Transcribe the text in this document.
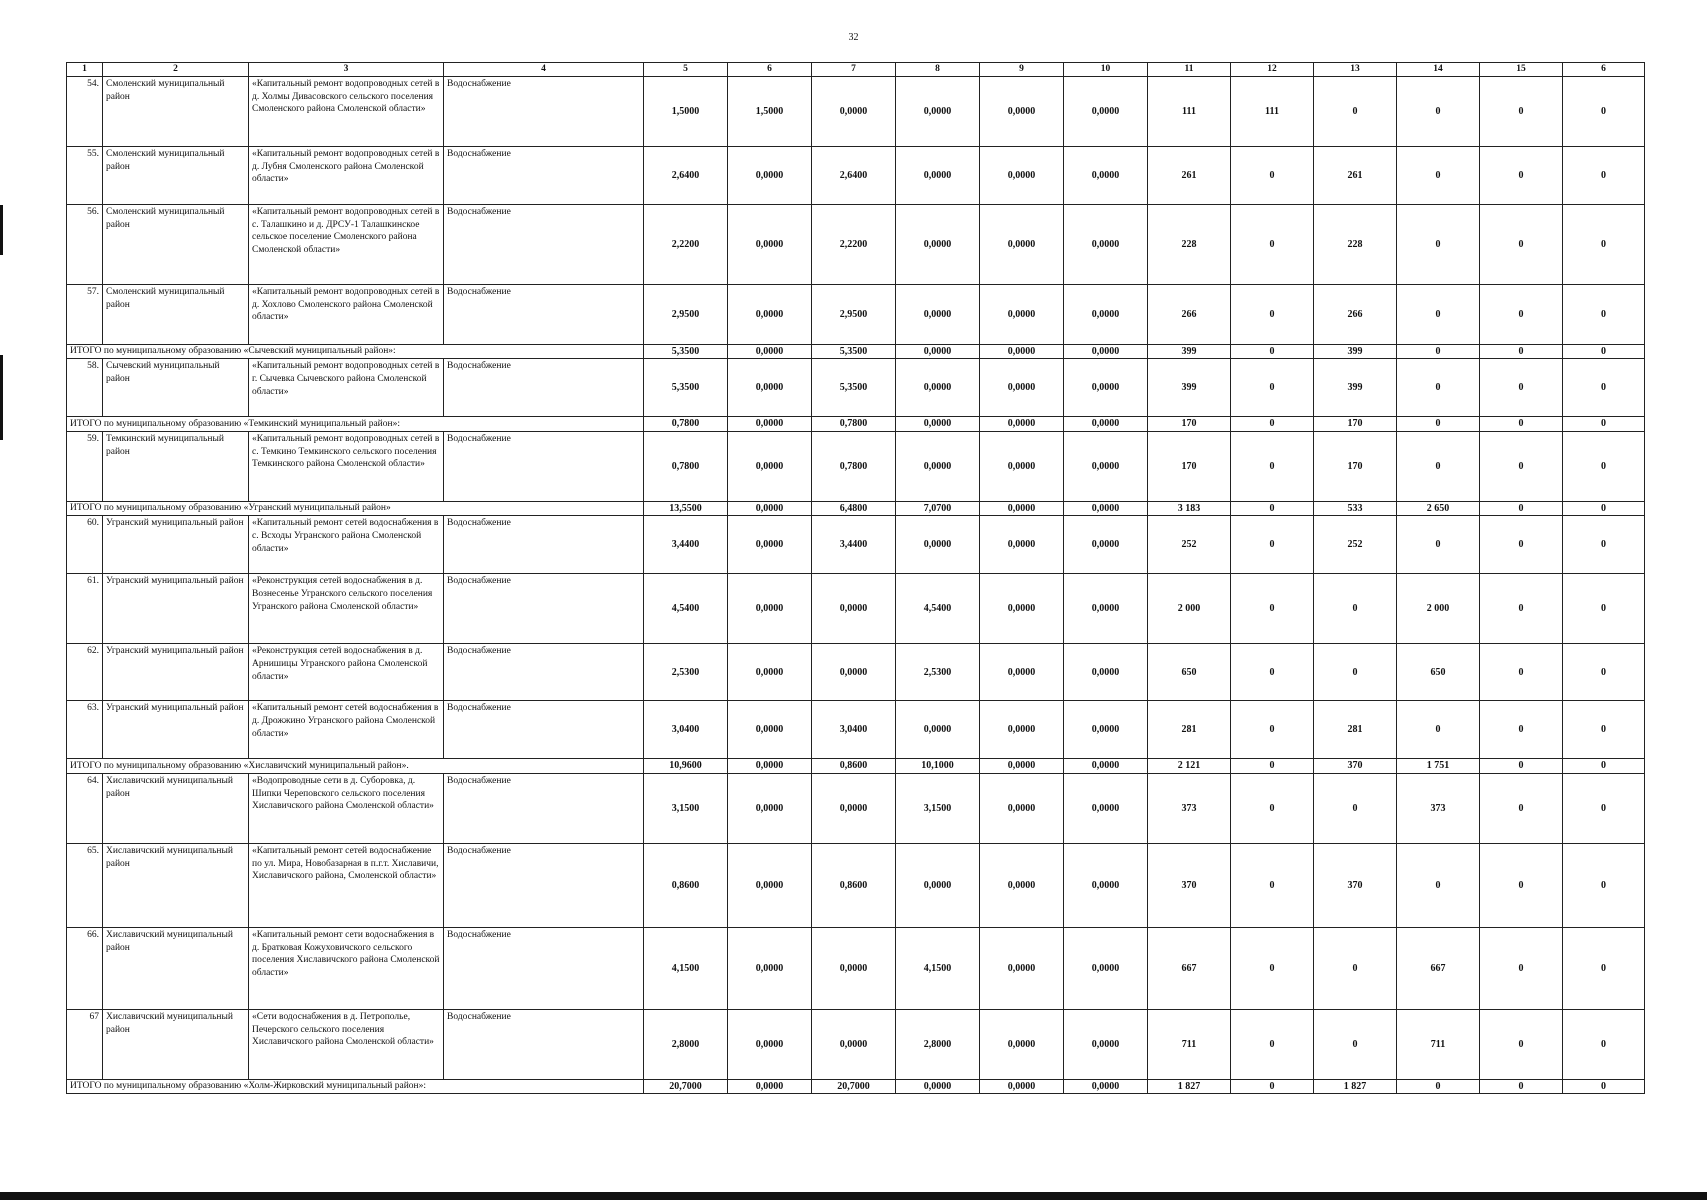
32
1	2	3	4	5	6	7	8	9	10	11	12	13	14	15	6
54.	Смоленский муниципальный район	«Капитальный ремонт водопроводных сетей в д. Холмы Дивасовского сельского поселения Смоленского района Смоленской области»	Водоснабжение	1,5000	1,5000	0,0000	0,0000	0,0000	0,0000	111	111	0	0	0	0
55.	Смоленский муниципальный район	«Капитальный ремонт водопроводных сетей в д. Лубня Смоленского района Смоленской области»	Водоснабжение	2,6400	0,0000	2,6400	0,0000	0,0000	0,0000	261	0	261	0	0	0
56.	Смоленский муниципальный район	«Капитальный ремонт водопроводных сетей в с. Талашкино и д. ДРСУ-1 Талашкинское сельское поселение Смоленского района Смоленской области»	Водоснабжение	2,2200	0,0000	2,2200	0,0000	0,0000	0,0000	228	0	228	0	0	0
57.	Смоленский муниципальный район	«Капитальный ремонт водопроводных сетей в д. Хохлово Смоленского района Смоленской области»	Водоснабжение	2,9500	0,0000	2,9500	0,0000	0,0000	0,0000	266	0	266	0	0	0
ИТОГО по муниципальному образованию «Сычевский муниципальный район»:				5,3500	0,0000	5,3500	0,0000	0,0000	0,0000	399	0	399	0	0	0
58.	Сычевский муниципальный район	«Капитальный ремонт водопроводных сетей в г. Сычевка Сычевского района Смоленской области»	Водоснабжение	5,3500	0,0000	5,3500	0,0000	0,0000	0,0000	399	0	399	0	0	0
ИТОГО по муниципальному образованию «Темкинский муниципальный район»:				0,7800	0,0000	0,7800	0,0000	0,0000	0,0000	170	0	170	0	0	0
59.	Темкинский муниципальный район	«Капитальный ремонт водопроводных сетей в с. Темкино Темкинского сельского поселения Темкинского района Смоленской области»	Водоснабжение	0,7800	0,0000	0,7800	0,0000	0,0000	0,0000	170	0	170	0	0	0
ИТОГО по муниципальному образованию «Угранский муниципальный район»				13,5500	0,0000	6,4800	7,0700	0,0000	0,0000	3 183	0	533	2 650	0	0
60.	Угранский муниципальный район	«Капитальный ремонт сетей водоснабжения в с. Всходы Угранского района Смоленской области»	Водоснабжение	3,4400	0,0000	3,4400	0,0000	0,0000	0,0000	252	0	252	0	0	0
61.	Угранский муниципальный район	«Реконструкция сетей водоснабжения в д. Вознесенье Угранского сельского поселения Угранского района Смоленской области»	Водоснабжение	4,5400	0,0000	0,0000	4,5400	0,0000	0,0000	2 000	0	0	2 000	0	0
62.	Угранский муниципальный район	«Реконструкция сетей водоснабжения в д. Арнишицы Угранского района Смоленской области»	Водоснабжение	2,5300	0,0000	0,0000	2,5300	0,0000	0,0000	650	0	0	650	0	0
63.	Угранский муниципальный район	«Капитальный ремонт сетей водоснабжения в д. Дрожжино Угранского района Смоленской области»	Водоснабжение	3,0400	0,0000	3,0400	0,0000	0,0000	0,0000	281	0	281	0	0	0
ИТОГО по муниципальному образованию «Хиславичский муниципальный район».				10,9600	0,0000	0,8600	10,1000	0,0000	0,0000	2 121	0	370	1 751	0	0
64.	Хиславичский муниципальный район	«Водопроводные сети в д. Суборовка, д. Шипки Череповского сельского поселения Хиславичского района Смоленской области»	Водоснабжение	3,1500	0,0000	0,0000	3,1500	0,0000	0,0000	373	0	0	373	0	0
65.	Хиславичский муниципальный район	«Капитальный ремонт сетей водоснабжение по ул. Мира, Новобазарная в п.г.т. Хиславичи, Хиславичского района, Смоленской области»	Водоснабжение	0,8600	0,0000	0,8600	0,0000	0,0000	0,0000	370	0	370	0	0	0
66.	Хиславичский муниципальный район	«Капитальный ремонт сети водоснабжения в д. Братковая Кожуховичского сельского поселения Хиславичского района Смоленской области»	Водоснабжение	4,1500	0,0000	0,0000	4,1500	0,0000	0,0000	667	0	0	667	0	0
67	Хиславичский муниципальный район	«Сети водоснабжения в д. Петрополье, Печерского сельского поселения Хиславичского района Смоленской области»	Водоснабжение	2,8000	0,0000	0,0000	2,8000	0,0000	0,0000	711	0	0	711	0	0
ИТОГО по муниципальному образованию «Холм-Жирковский муниципальный район»:				20,7000	0,0000	20,7000	0,0000	0,0000	0,0000	1 827	0	1 827	0	0	0
